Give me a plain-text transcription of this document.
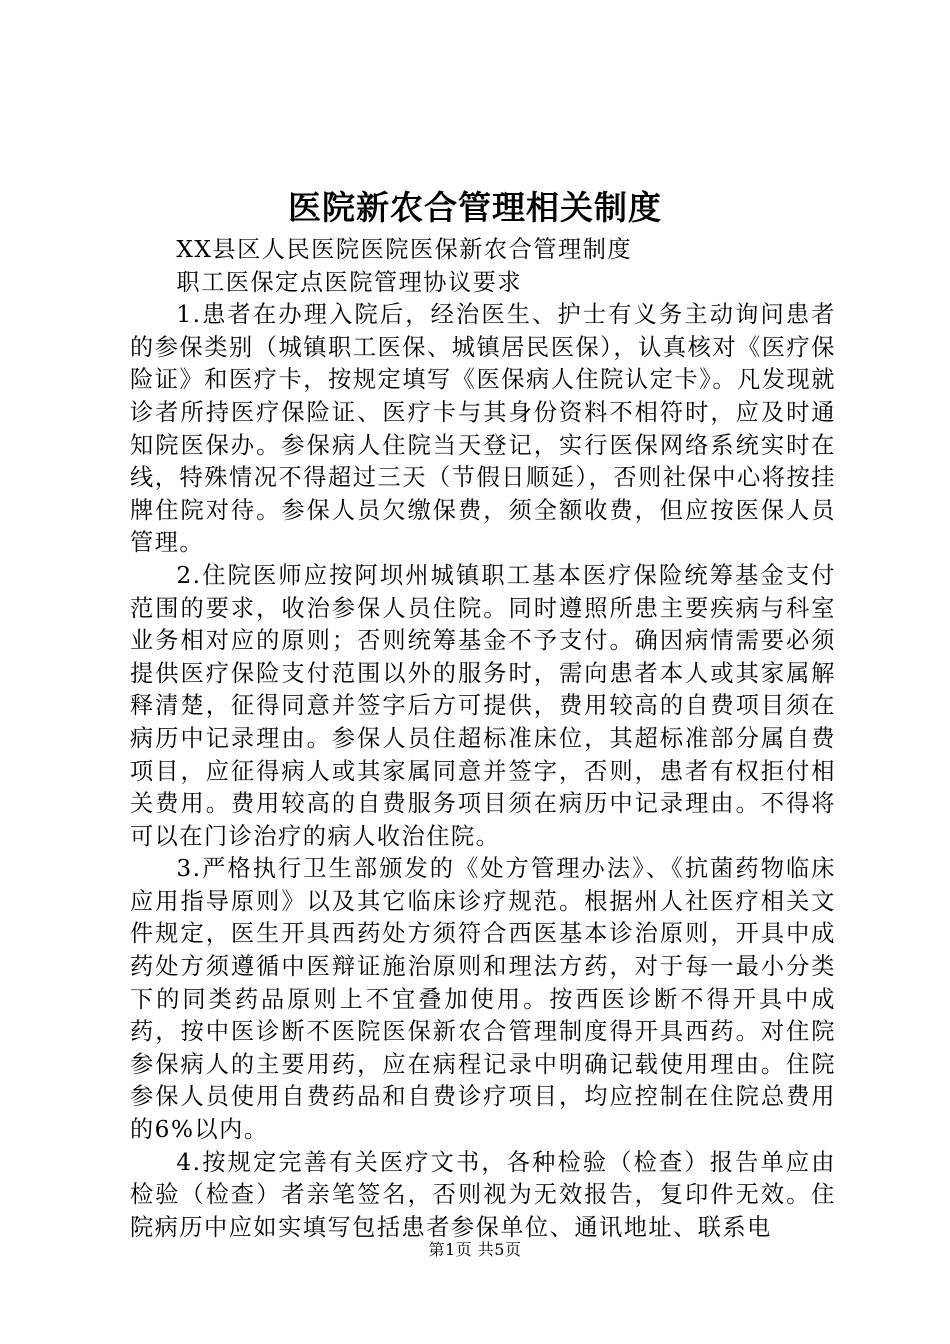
医院新农合管理相关制度

XX县区人民医院医院医保新农合管理制度

职工医保定点医院管理协议要求

1.患者在办理入院后，经治医生、护士有义务主动询问患者的参保类别（城镇职工医保、城镇居民医保），认真核对《医疗保险证》和医疗卡，按规定填写《医保病人住院认定卡》。凡发现就诊者所持医疗保险证、医疗卡与其身份资料不相符时，应及时通知院医保办。参保病人住院当天登记，实行医保网络系统实时在线，特殊情况不得超过三天（节假日顺延），否则社保中心将按挂牌住院对待。参保人员欠缴保费，须全额收费，但应按医保人员管理。

2.住院医师应按阿坝州城镇职工基本医疗保险统筹基金支付范围的要求，收治参保人员住院。同时遵照所患主要疾病与科室业务相对应的原则；否则统筹基金不予支付。确因病情需要必须提供医疗保险支付范围以外的服务时，需向患者本人或其家属解释清楚，征得同意并签字后方可提供，费用较高的自费项目须在病历中记录理由。参保人员住超标准床位，其超标准部分属自费项目，应征得病人或其家属同意并签字，否则，患者有权拒付相关费用。费用较高的自费服务项目须在病历中记录理由。不得将可以在门诊治疗的病人收治住院。

3.严格执行卫生部颁发的《处方管理办法》、《抗菌药物临床应用指导原则》以及其它临床诊疗规范。根据州人社医疗相关文件规定，医生开具西药处方须符合西医基本诊治原则，开具中成药处方须遵循中医辩证施治原则和理法方药，对于每一最小分类下的同类药品原则上不宜叠加使用。按西医诊断不得开具中成药，按中医诊断不医院医保新农合管理制度得开具西药。对住院参保病人的主要用药，应在病程记录中明确记载使用理由。住院参保人员使用自费药品和自费诊疗项目，均应控制在住院总费用的6%以内。

4.按规定完善有关医疗文书，各种检验（检查）报告单应由检验（检查）者亲笔签名，否则视为无效报告，复印件无效。住院病历中应如实填写包括患者参保单位、通讯地址、联系电

第1页 共5页
